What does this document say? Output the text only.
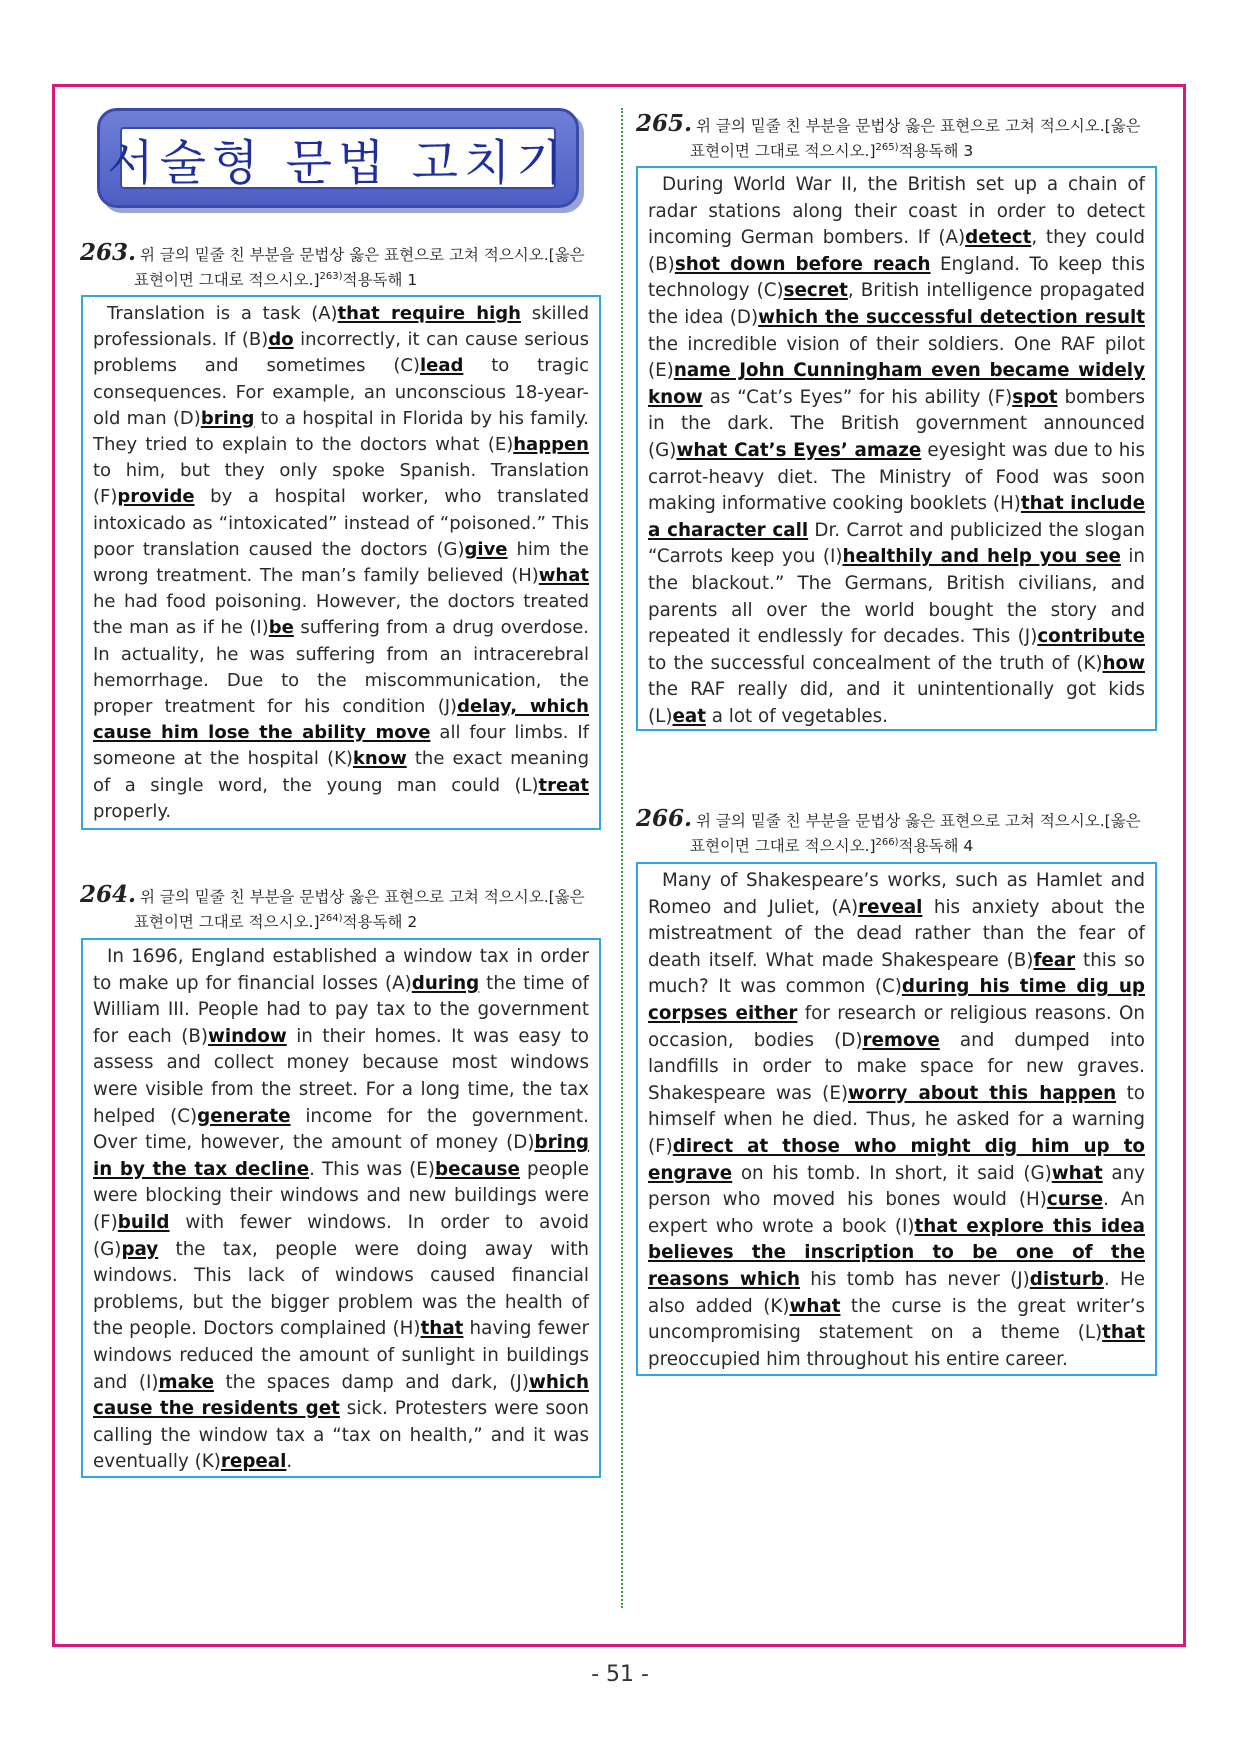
서술형 문법 고치기
263. 위 글의 밑줄 친 부분을 문법상 옳은 표현으로 고쳐 적으시오.[옳은
표현이면 그대로 적으시오.]$^{263)}$적용독해 1

Translation is a task (A)that require high skilled professionals. If (B)do incorrectly, it can cause serious problems and sometimes (C)lead to tragic consequences. For example, an unconscious 18-year-old man (D)bring to a hospital in Florida by his family. They tried to explain to the doctors what (E)happen to him, but they only spoke Spanish. Translation (F)provide by a hospital worker, who translated intoxicado as “intoxicated” instead of “poisoned.” This poor translation caused the doctors (G)give him the wrong treatment. The man’s family believed (H)what he had food poisoning. However, the doctors treated the man as if he (I)be suffering from a drug overdose. In actuality, he was suffering from an intracerebral hemorrhage. Due to the miscommunication, the proper treatment for his condition (J)delay, which cause him lose the ability move all four limbs. If someone at the hospital (K)know the exact meaning of a single word, the young man could (L)treat properly.

264. 위 글의 밑줄 친 부분을 문법상 옳은 표현으로 고쳐 적으시오.[옳은
표현이면 그대로 적으시오.]$^{264)}$적용독해 2

In 1696, England established a window tax in order to make up for financial losses (A)during the time of William III. People had to pay tax to the government for each (B)window in their homes. It was easy to assess and collect money because most windows were visible from the street. For a long time, the tax helped (C)generate income for the government. Over time, however, the amount of money (D)bring in by the tax decline. This was (E)because people were blocking their windows and new buildings were (F)build with fewer windows. In order to avoid (G)pay the tax, people were doing away with windows. This lack of windows caused financial problems, but the bigger problem was the health of the people. Doctors complained (H)that having fewer windows reduced the amount of sunlight in buildings and (I)make the spaces damp and dark, (J)which cause the residents get sick. Protesters were soon calling the window tax a “tax on health,” and it was eventually (K)repeal.

265. 위 글의 밑줄 친 부분을 문법상 옳은 표현으로 고쳐 적으시오.[옳은
표현이면 그대로 적으시오.]$^{265)}$적용독해 3

During World War II, the British set up a chain of radar stations along their coast in order to detect incoming German bombers. If (A)detect, they could (B)shot down before reach England. To keep this technology (C)secret, British intelligence propagated the idea (D)which the successful detection result the incredible vision of their soldiers. One RAF pilot (E)name John Cunningham even became widely know as “Cat’s Eyes” for his ability (F)spot bombers in the dark. The British government announced (G)what Cat’s Eyes’ amaze eyesight was due to his carrot-heavy diet. The Ministry of Food was soon making informative cooking booklets (H)that include a character call Dr. Carrot and publicized the slogan “Carrots keep you (I)healthily and help you see in the blackout.” The Germans, British civilians, and parents all over the world bought the story and repeated it endlessly for decades. This (J)contribute to the successful concealment of the truth of (K)how the RAF really did, and it unintentionally got kids (L)eat a lot of vegetables.

266. 위 글의 밑줄 친 부분을 문법상 옳은 표현으로 고쳐 적으시오.[옳은
표현이면 그대로 적으시오.]$^{266)}$적용독해 4

Many of Shakespeare’s works, such as Hamlet and Romeo and Juliet, (A)reveal his anxiety about the mistreatment of the dead rather than the fear of death itself. What made Shakespeare (B)fear this so much? It was common (C)during his time dig up corpses either for research or religious reasons. On occasion, bodies (D)remove and dumped into landfills in order to make space for new graves. Shakespeare was (E)worry about this happen to himself when he died. Thus, he asked for a warning (F)direct at those who might dig him up to engrave on his tomb. In short, it said (G)what any person who moved his bones would (H)curse. An expert who wrote a book (I)that explore this idea believes the inscription to be one of the reasons which his tomb has never (J)disturb. He also added (K)what the curse is the great writer’s uncompromising statement on a theme (L)that preoccupied him throughout his entire career.

- 51 -
